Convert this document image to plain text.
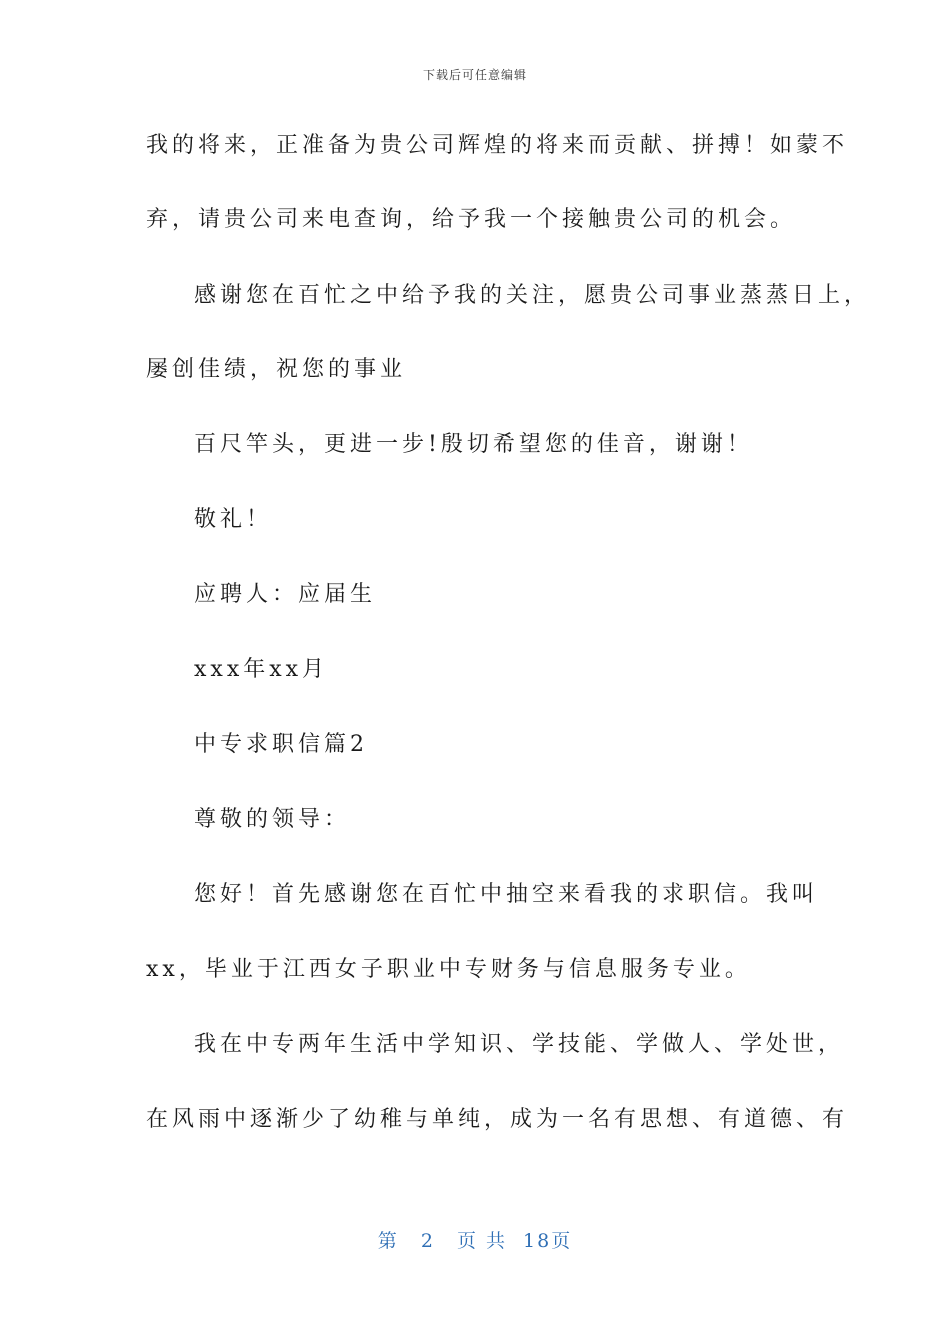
下载后可任意编辑
我的将来，正准备为贵公司辉煌的将来而贡献、拼搏！如蒙不
弃，请贵公司来电查询，给予我一个接触贵公司的机会。
感谢您在百忙之中给予我的关注，愿贵公司事业蒸蒸日上，
屡创佳绩，祝您的事业
百尺竿头，更进一步!殷切希望您的佳音，谢谢！
敬礼！
应聘人：应届生
xxx年xx月
中专求职信篇2
尊敬的领导：
您好！首先感谢您在百忙中抽空来看我的求职信。我叫
xx，毕业于江西女子职业中专财务与信息服务专业。
我在中专两年生活中学知识、学技能、学做人、学处世，
在风雨中逐渐少了幼稚与单纯，成为一名有思想、有道德、有
第 2 页 共 18页
